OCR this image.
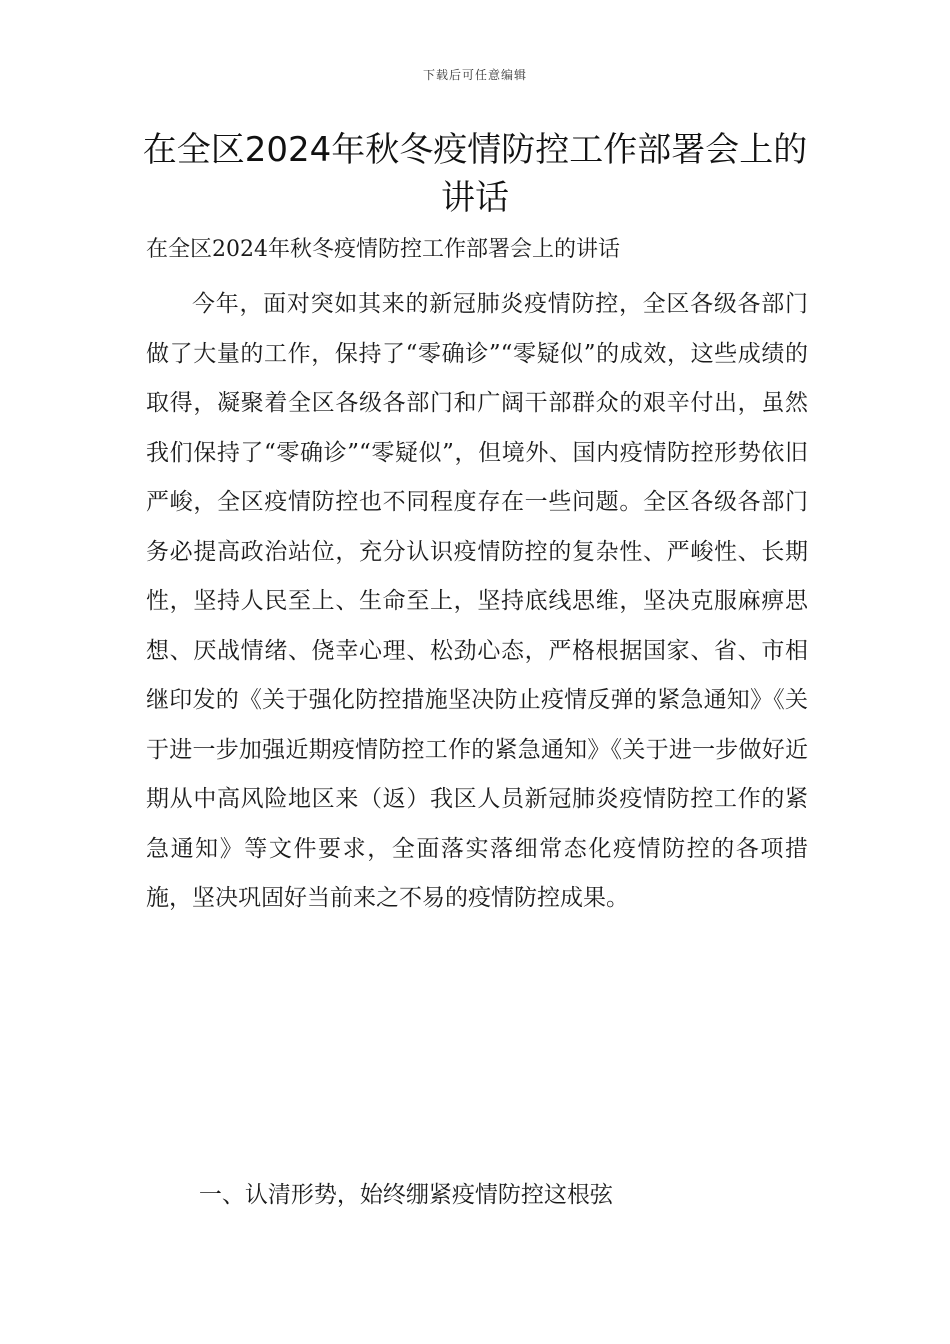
下载后可任意编辑
在全区2024年秋冬疫情防控工作部署会上的讲话
在全区2024年秋冬疫情防控工作部署会上的讲话

今年，面对突如其来的新冠肺炎疫情防控，全区各级各部门做了大量的工作，保持了“零确诊”“零疑似”的成效，这些成绩的取得，凝聚着全区各级各部门和广阔干部群众的艰辛付出，虽然我们保持了“零确诊”“零疑似”，但境外、国内疫情防控形势依旧严峻，全区疫情防控也不同程度存在一些问题。全区各级各部门务必提高政治站位，充分认识疫情防控的复杂性、严峻性、长期性，坚持人民至上、生命至上，坚持底线思维，坚决克服麻痹思想、厌战情绪、侥幸心理、松劲心态，严格根据国家、省、市相继印发的《关于强化防控措施坚决防止疫情反弹的紧急通知》《关于进一步加强近期疫情防控工作的紧急通知》《关于进一步做好近期从中高风险地区来（返）我区人员新冠肺炎疫情防控工作的紧急通知》等文件要求，全面落实落细常态化疫情防控的各项措施，坚决巩固好当前来之不易的疫情防控成果。

一、认清形势，始终绷紧疫情防控这根弦
